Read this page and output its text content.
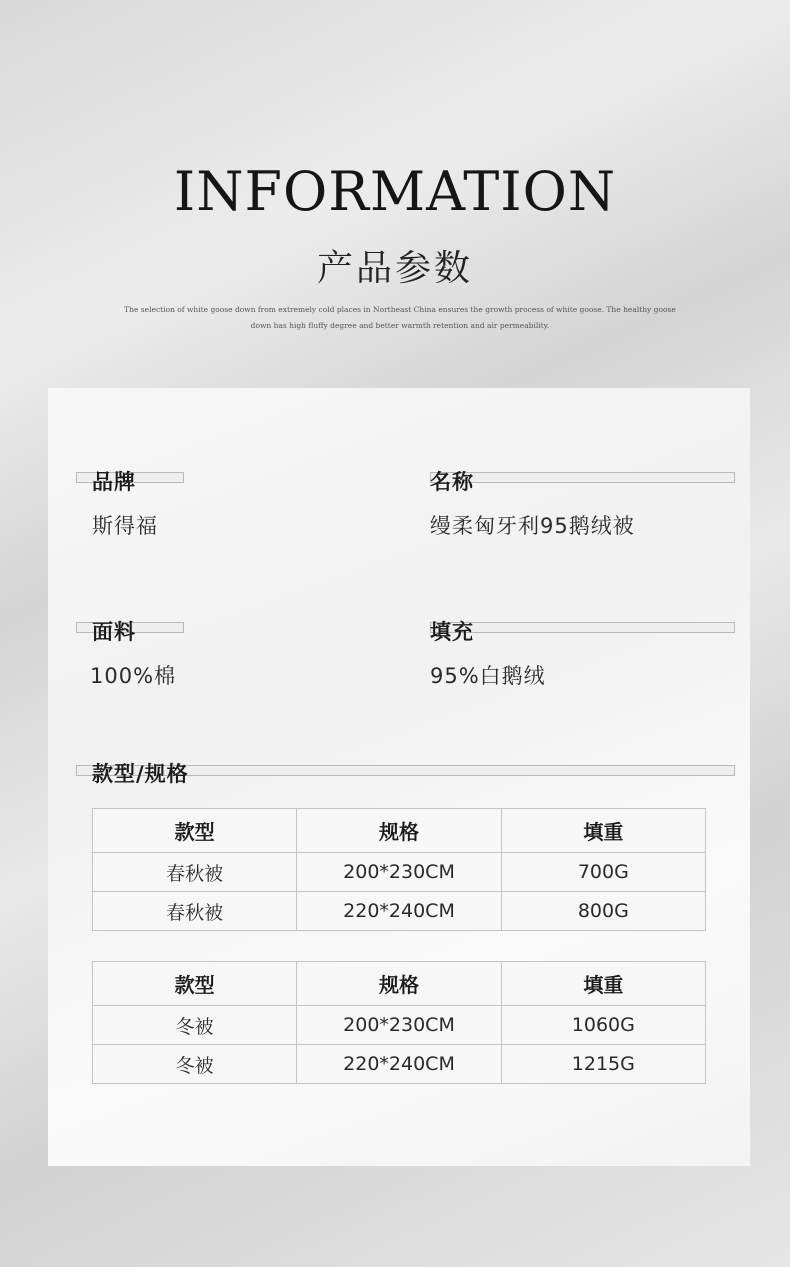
INFORMATION
产品参数
The selection of white goose down from extremely cold places in Northeast China ensures the growth process of white goose. The healthy goose
down has high fluffy degree and better warmth retention and air permeability.
品牌	名称
斯得福	缦柔匈牙利95鹅绒被
面料	填充
100%棉	95%白鹅绒
款型/规格
款型	规格	填重
春秋被	200*230CM	700G
春秋被	220*240CM	800G
款型	规格	填重
冬被	200*230CM	1060G
冬被	220*240CM	1215G
